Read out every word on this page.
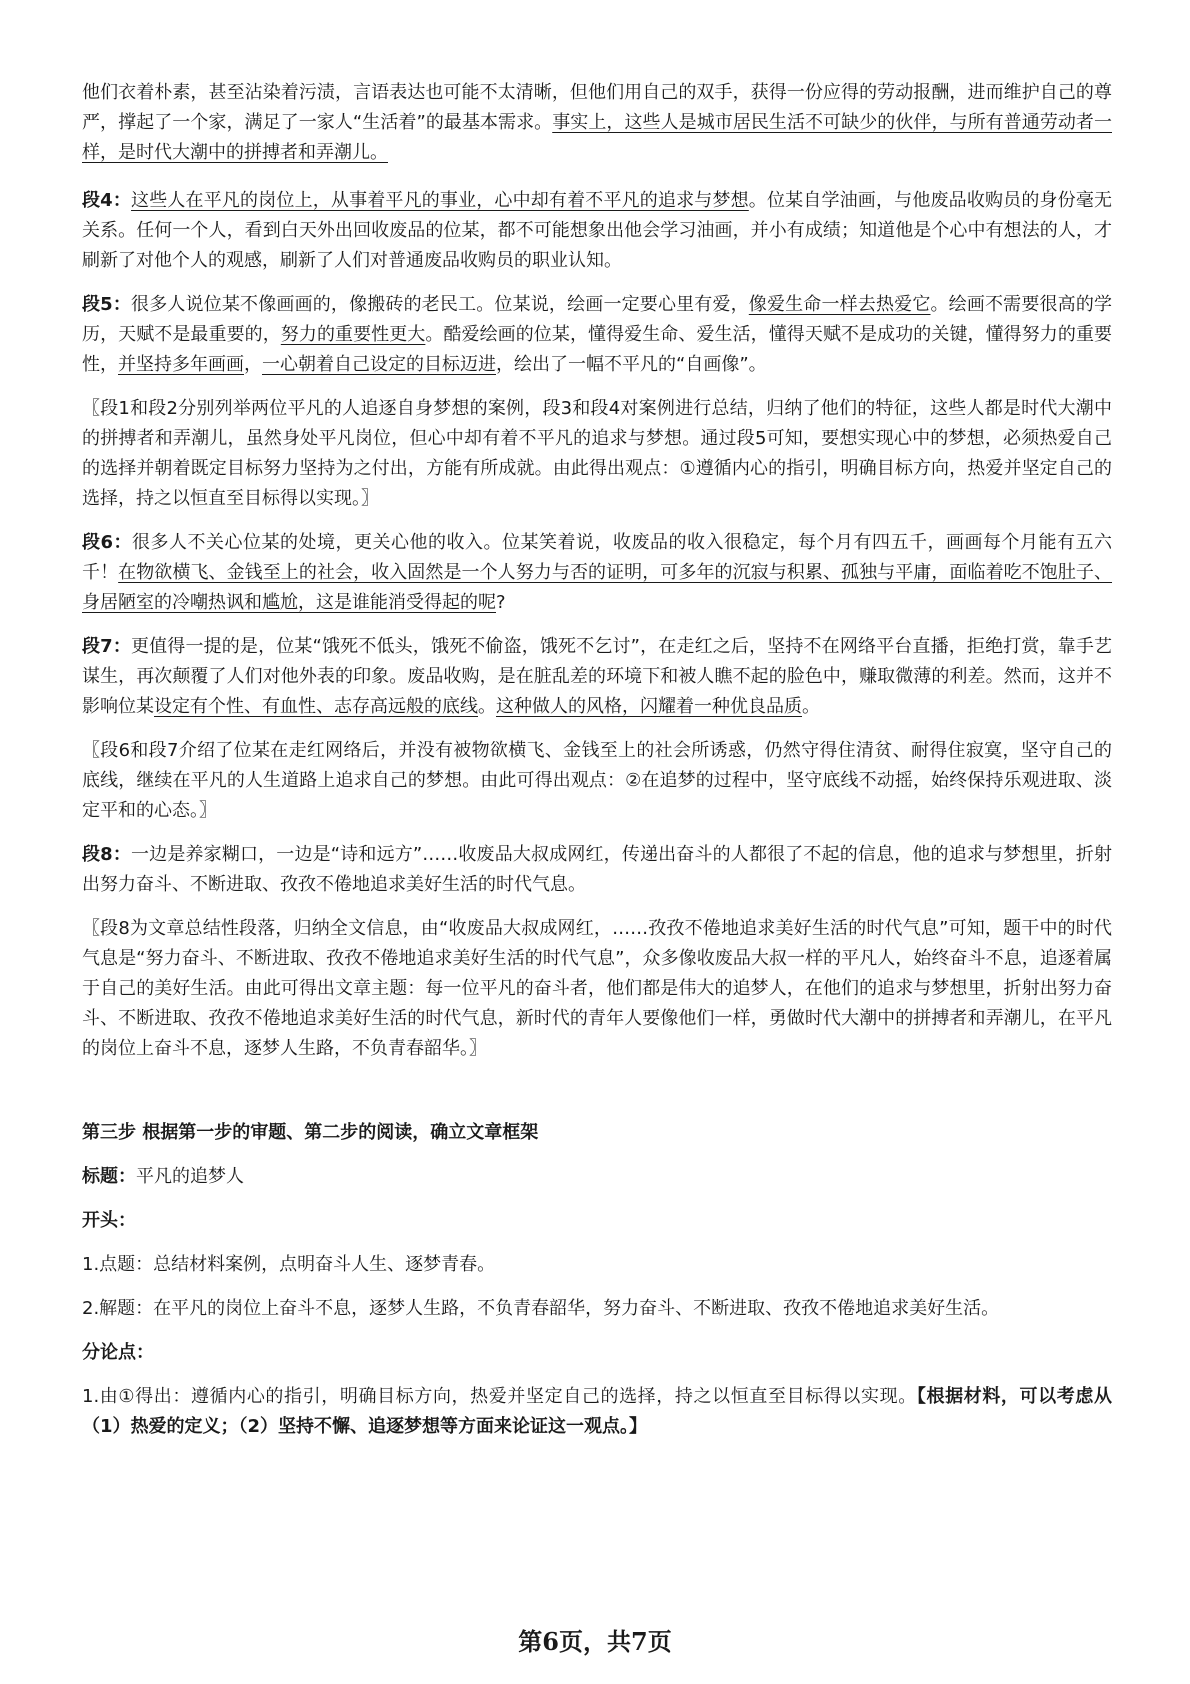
他们衣着朴素，甚至沾染着污渍，言语表达也可能不太清晰，但他们用自己的双手，获得一份应得的劳动报酬，进而维护自己的尊严，撑起了一个家，满足了一家人“生活着”的最基本需求。事实上，这些人是城市居民生活不可缺少的伙伴，与所有普通劳动者一样，是时代大潮中的拼搏者和弄潮儿。

段4：这些人在平凡的岗位上，从事着平凡的事业，心中却有着不平凡的追求与梦想。位某自学油画，与他废品收购员的身份毫无关系。任何一个人，看到白天外出回收废品的位某，都不可能想象出他会学习油画，并小有成绩；知道他是个心中有想法的人，才刷新了对他个人的观感，刷新了人们对普通废品收购员的职业认知。

段5：很多人说位某不像画画的，像搬砖的老民工。位某说，绘画一定要心里有爱，像爱生命一样去热爱它。绘画不需要很高的学历，天赋不是最重要的，努力的重要性更大。酷爱绘画的位某，懂得爱生命、爱生活，懂得天赋不是成功的关键，懂得努力的重要性，并坚持多年画画，一心朝着自己设定的目标迈进，绘出了一幅不平凡的“自画像”。

〖段1和段2分别列举两位平凡的人追逐自身梦想的案例，段3和段4对案例进行总结，归纳了他们的特征，这些人都是时代大潮中的拼搏者和弄潮儿，虽然身处平凡岗位，但心中却有着不平凡的追求与梦想。通过段5可知，要想实现心中的梦想，必须热爱自己的选择并朝着既定目标努力坚持为之付出，方能有所成就。由此得出观点：①遵循内心的指引，明确目标方向，热爱并坚定自己的选择，持之以恒直至目标得以实现。〗

段6：很多人不关心位某的处境，更关心他的收入。位某笑着说，收废品的收入很稳定，每个月有四五千，画画每个月能有五六千！在物欲横飞、金钱至上的社会，收入固然是一个人努力与否的证明，可多年的沉寂与积累、孤独与平庸，面临着吃不饱肚子、身居陋室的冷嘲热讽和尴尬，这是谁能消受得起的呢?

段7：更值得一提的是，位某“饿死不低头，饿死不偷盗，饿死不乞讨”，在走红之后，坚持不在网络平台直播，拒绝打赏，靠手艺谋生，再次颠覆了人们对他外表的印象。废品收购，是在脏乱差的环境下和被人瞧不起的脸色中，赚取微薄的利差。然而，这并不影响位某设定有个性、有血性、志存高远般的底线。这种做人的风格，闪耀着一种优良品质。

〖段6和段7介绍了位某在走红网络后，并没有被物欲横飞、金钱至上的社会所诱惑，仍然守得住清贫、耐得住寂寞，坚守自己的底线，继续在平凡的人生道路上追求自己的梦想。由此可得出观点：②在追梦的过程中，坚守底线不动摇，始终保持乐观进取、淡定平和的心态。〗

段8：一边是养家糊口，一边是“诗和远方”……收废品大叔成网红，传递出奋斗的人都很了不起的信息，他的追求与梦想里，折射出努力奋斗、不断进取、孜孜不倦地追求美好生活的时代气息。

〖段8为文章总结性段落，归纳全文信息，由“收废品大叔成网红，……孜孜不倦地追求美好生活的时代气息”可知，题干中的时代气息是“努力奋斗、不断进取、孜孜不倦地追求美好生活的时代气息”，众多像收废品大叔一样的平凡人，始终奋斗不息，追逐着属于自己的美好生活。由此可得出文章主题：每一位平凡的奋斗者，他们都是伟大的追梦人，在他们的追求与梦想里，折射出努力奋斗、不断进取、孜孜不倦地追求美好生活的时代气息，新时代的青年人要像他们一样，勇做时代大潮中的拼搏者和弄潮儿，在平凡的岗位上奋斗不息，逐梦人生路，不负青春韶华。〗

第三步 根据第一步的审题、第二步的阅读，确立文章框架

标题：平凡的追梦人

开头：

1.点题：总结材料案例，点明奋斗人生、逐梦青春。

2.解题：在平凡的岗位上奋斗不息，逐梦人生路，不负青春韶华，努力奋斗、不断进取、孜孜不倦地追求美好生活。

分论点：

1.由①得出：遵循内心的指引，明确目标方向，热爱并坚定自己的选择，持之以恒直至目标得以实现。【根据材料，可以考虑从（1）热爱的定义；（2）坚持不懈、追逐梦想等方面来论证这一观点。】

第6页，共7页
